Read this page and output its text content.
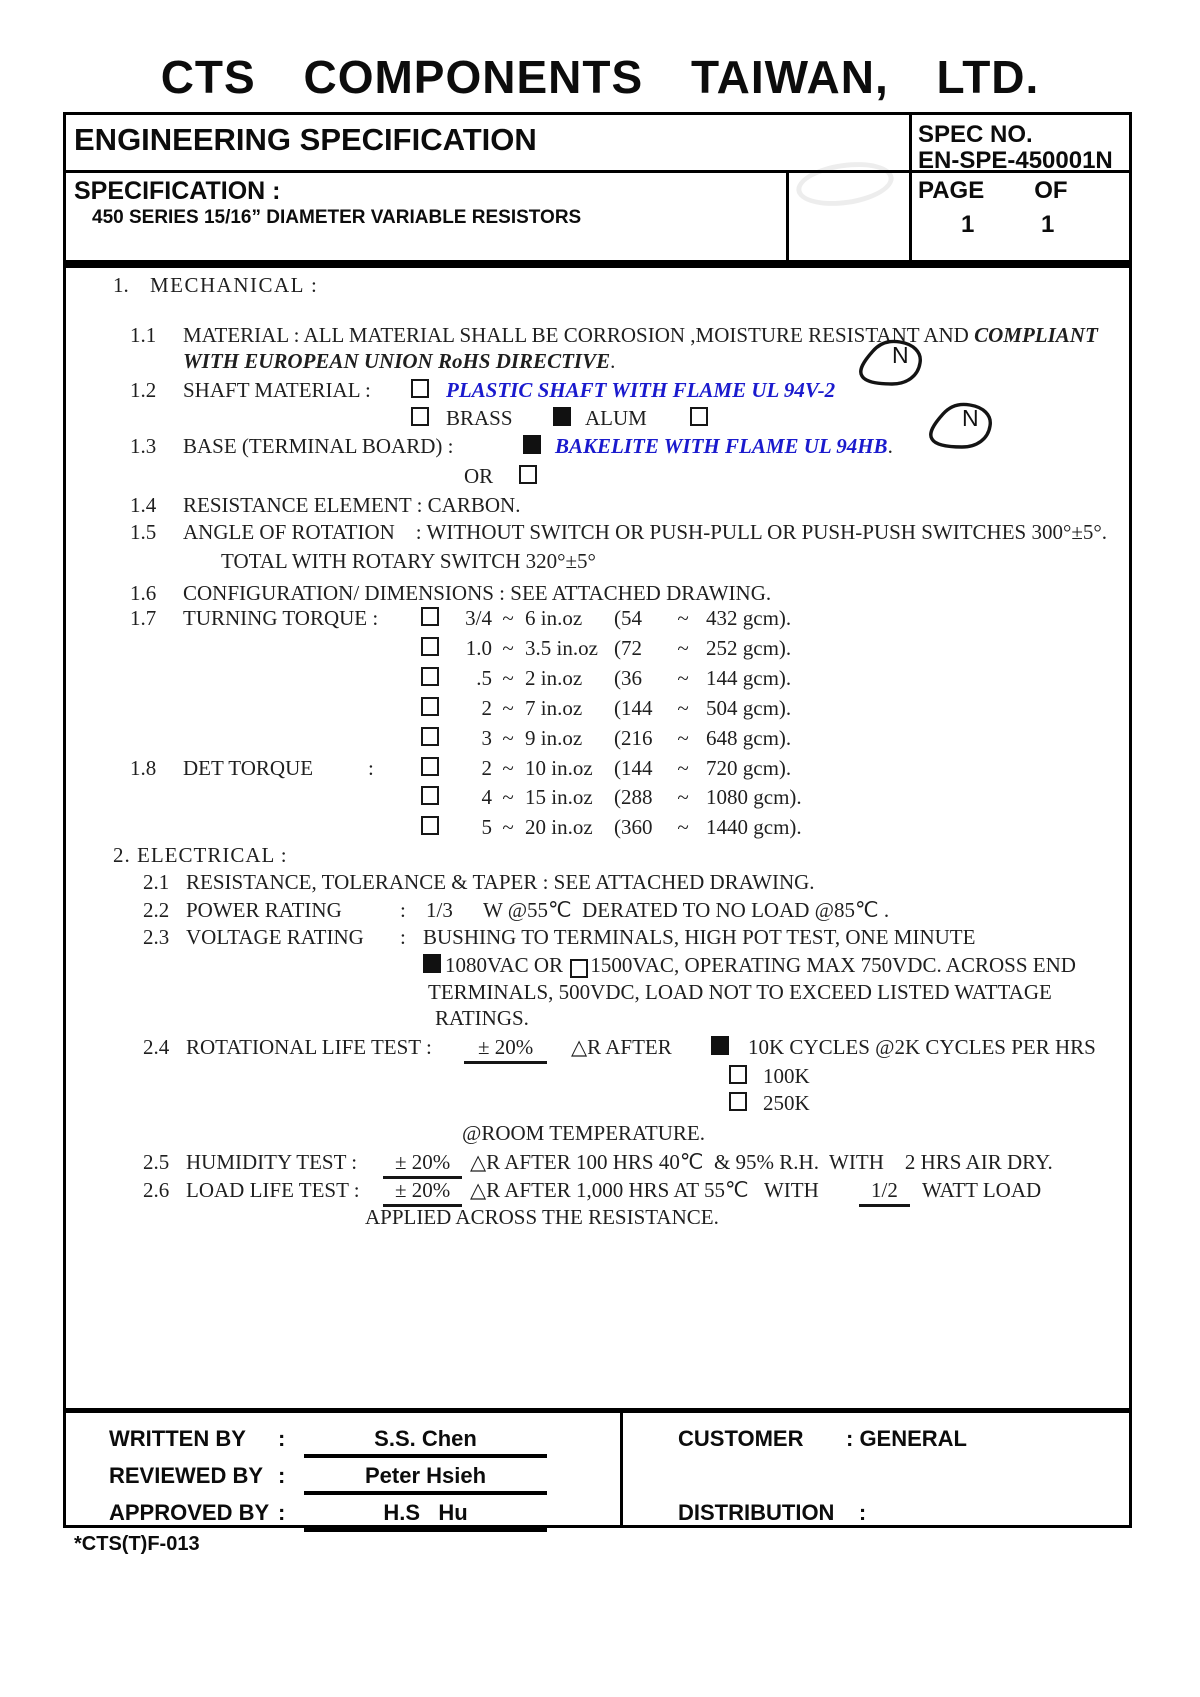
CTS COMPONENTS TAIWAN, LTD.
ENGINEERING SPECIFICATION	SPEC NO.
EN-SPE-450001N
SPECIFICATION :
450 SERIES 15/16” DIAMETER VARIABLE RESISTORS
PAGE   OF
1	1
1. MECHANICAL :
1.1 MATERIAL : ALL MATERIAL SHALL BE CORROSION ,MOISTURE RESISTANT AND COMPLIANT
WITH EUROPEAN UNION RoHS DIRECTIVE.
1.2 SHAFT MATERIAL :	PLASTIC SHAFT WITH FLAME UL 94V-2
BRASS	ALUM
1.3 BASE (TERMINAL BOARD) :	BAKELITE WITH FLAME UL 94HB.
OR
1.4 RESISTANCE ELEMENT : CARBON.
1.5 ANGLE OF ROTATION    : WITHOUT SWITCH OR PUSH-PULL OR PUSH-PUSH SWITCHES 300°±5°.
TOTAL WITH ROTARY SWITCH 320°±5°
1.6 CONFIGURATION/ DIMENSIONS : SEE ATTACHED DRAWING.
1.7 TURNING TORQUE :	3/4 ~ 6 in.oz (54	~ 432 gcm).
1.0 ~ 3.5 in.oz (72	~ 252 gcm).
.5 ~ 2 in.oz (36	~ 144 gcm).
2 ~ 7 in.oz (144	~ 504 gcm).
3 ~ 9 in.oz (216	~ 648 gcm).
1.8 DET TORQUE	:	2 ~ 10 in.oz (144	~ 720 gcm).
4 ~ 15 in.oz (288	~ 1080 gcm).
5 ~ 20 in.oz (360	~ 1440 gcm).
2. ELECTRICAL :
2.1 RESISTANCE, TOLERANCE & TAPER : SEE ATTACHED DRAWING.
2.2 POWER RATING	: 1/3 W @55℃  DERATED TO NO LOAD @85℃ .
2.3 VOLTAGE RATING : BUSHING TO TERMINALS, HIGH POT TEST, ONE MINUTE
1080VAC OR 1500VAC, OPERATING MAX 750VDC. ACROSS END
TERMINALS, 500VDC, LOAD NOT TO EXCEED LISTED WATTAGE
RATINGS.
2.4 ROTATIONAL LIFE TEST :	± 20%	△R AFTER	10K CYCLES @2K CYCLES PER HRS
100K
250K
@ROOM TEMPERATURE.
2.5 HUMIDITY TEST :	± 20% △R AFTER 100 HRS 40℃  & 95% R.H.  WITH    2 HRS AIR DRY.
2.6 LOAD LIFE TEST :	± 20% △R AFTER 1,000 HRS AT 55℃   WITH	1/2	WATT LOAD
APPLIED ACROSS THE RESISTANCE.
N
N
WRITTEN BY :	S.S. Chen	CUSTOMER : GENERAL
REVIEWED BY :	Peter Hsieh
APPROVED BY :	H.S   Hu	DISTRIBUTION    :
*CTS(T)F-013
